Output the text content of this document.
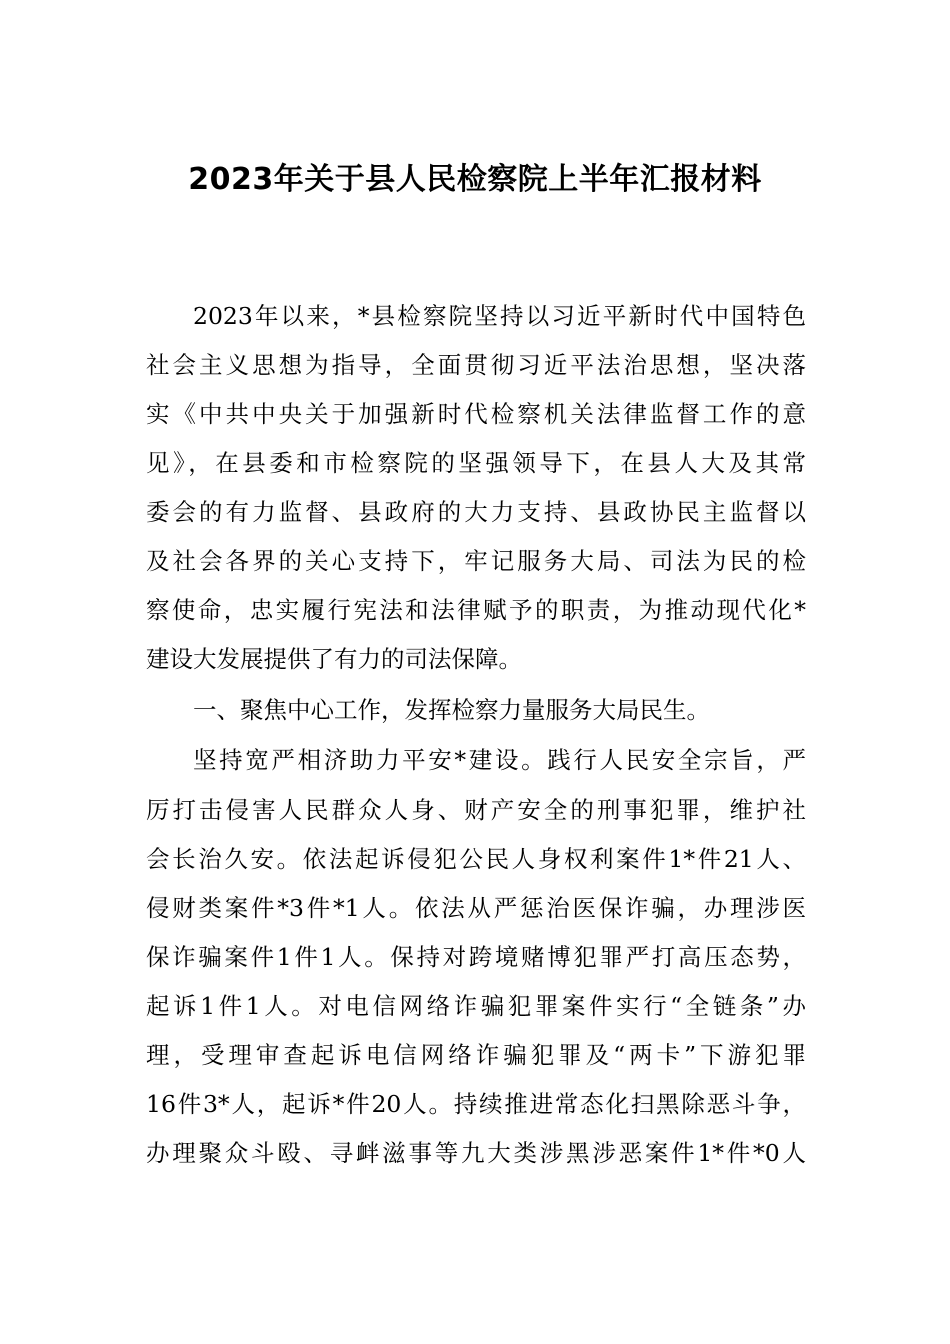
2023年关于县人民检察院上半年汇报材料
2023年以来，*县检察院坚持以习近平新时代中国特色
社会主义思想为指导，全面贯彻习近平法治思想，坚决落
实《中共中央关于加强新时代检察机关法律监督工作的意
见》，在县委和市检察院的坚强领导下，在县人大及其常
委会的有力监督、县政府的大力支持、县政协民主监督以
及社会各界的关心支持下，牢记服务大局、司法为民的检
察使命，忠实履行宪法和法律赋予的职责，为推动现代化*
建设大发展提供了有力的司法保障。
一、聚焦中心工作，发挥检察力量服务大局民生。
坚持宽严相济助力平安*建设。践行人民安全宗旨，严
厉打击侵害人民群众人身、财产安全的刑事犯罪，维护社
会长治久安。依法起诉侵犯公民人身权利案件1*件21人、
侵财类案件*3件*1人。依法从严惩治医保诈骗，办理涉医
保诈骗案件1件1人。保持对跨境赌博犯罪严打高压态势，
起诉1件1人。对电信网络诈骗犯罪案件实行“全链条”办
理，受理审查起诉电信网络诈骗犯罪及“两卡”下游犯罪
16件3*人，起诉*件20人。持续推进常态化扫黑除恶斗争，
办理聚众斗殴、寻衅滋事等九大类涉黑涉恶案件1*件*0人
